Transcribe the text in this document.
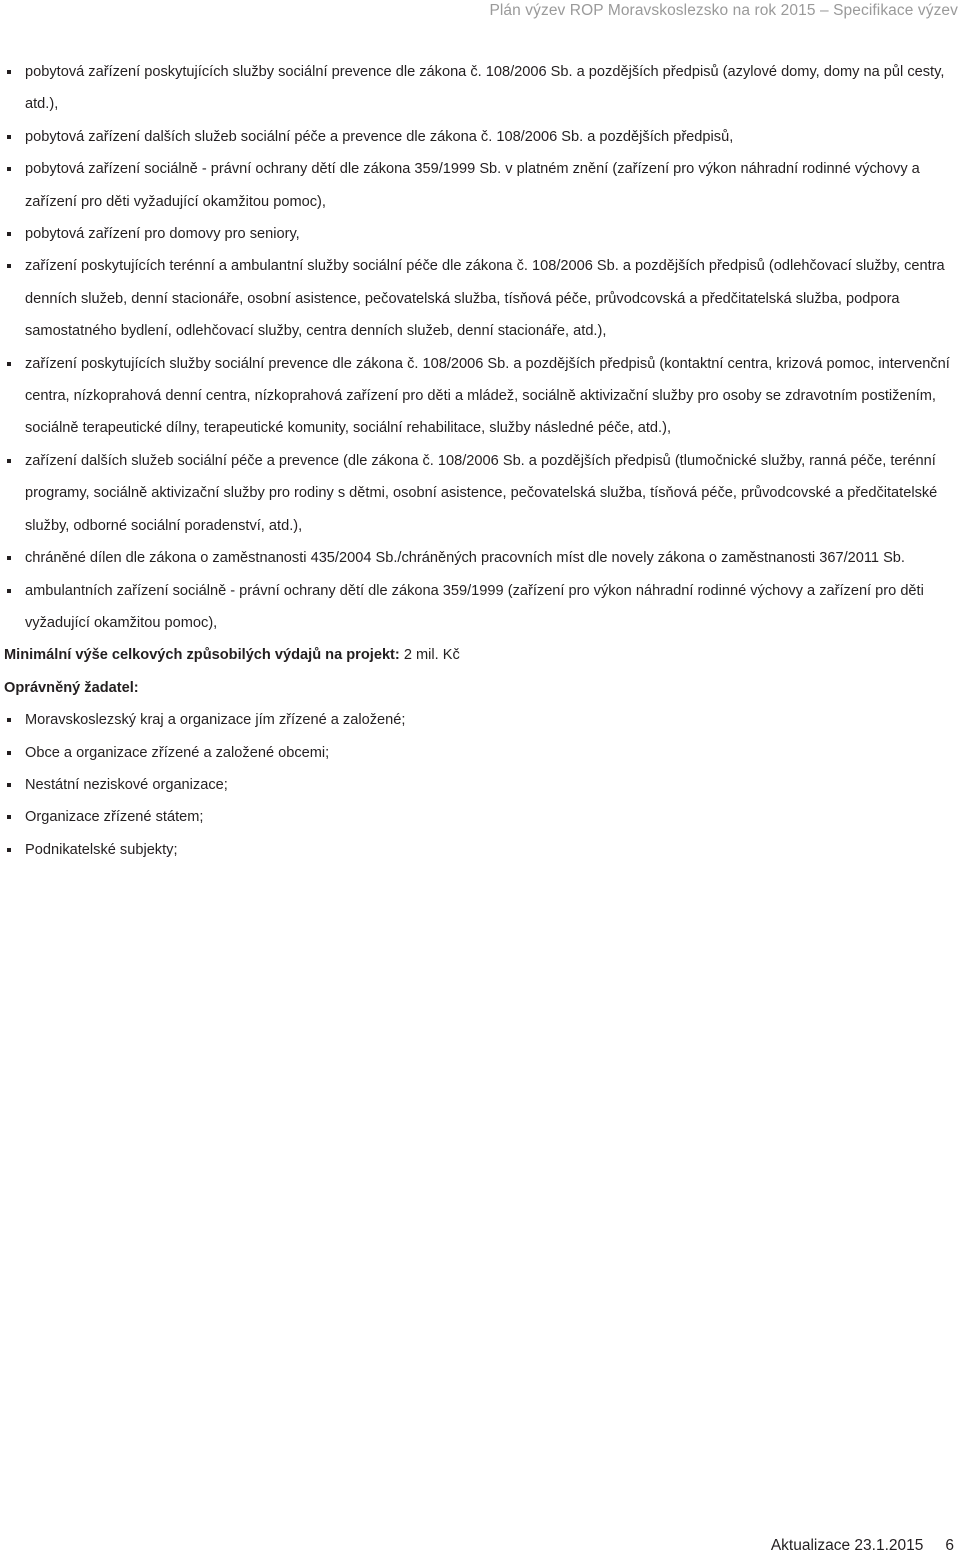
Plán výzev ROP Moravskoslezsko na rok 2015 – Specifikace výzev
pobytová zařízení poskytujících služby sociální prevence dle zákona č. 108/2006 Sb. a pozdějších předpisů (azylové domy, domy na půl cesty, atd.),
pobytová zařízení dalších služeb sociální péče a prevence dle zákona č. 108/2006 Sb. a pozdějších předpisů,
pobytová zařízení sociálně - právní ochrany dětí dle zákona 359/1999 Sb. v platném znění (zařízení pro výkon náhradní rodinné výchovy a zařízení pro děti vyžadující okamžitou pomoc),
pobytová zařízení pro domovy pro seniory,
zařízení poskytujících terénní a ambulantní služby sociální péče dle zákona č. 108/2006 Sb. a pozdějších předpisů (odlehčovací služby, centra denních služeb, denní stacionáře, osobní asistence, pečovatelská služba, tísňová péče, průvodcovská a předčitatelská služba, podpora samostatného bydlení, odlehčovací služby, centra denních služeb, denní stacionáře, atd.),
zařízení poskytujících služby sociální prevence dle zákona č. 108/2006 Sb. a pozdějších předpisů (kontaktní centra, krizová pomoc, intervenční centra, nízkoprahová denní centra, nízkoprahová zařízení pro děti a mládež, sociálně aktivizační služby pro osoby se zdravotním postižením, sociálně terapeutické dílny, terapeutické komunity, sociální rehabilitace, služby následné péče, atd.),
zařízení dalších služeb sociální péče a prevence (dle zákona č. 108/2006 Sb. a pozdějších předpisů (tlumočnické služby, ranná péče, terénní programy, sociálně aktivizační služby pro rodiny s dětmi, osobní asistence, pečovatelská služba, tísňová péče, průvodcovské a předčitatelské služby, odborné sociální poradenství, atd.),
chráněné dílen dle zákona o zaměstnanosti 435/2004 Sb./chráněných pracovních míst dle novely zákona o zaměstnanosti 367/2011 Sb.
ambulantních zařízení sociálně - právní ochrany dětí dle zákona 359/1999 (zařízení pro výkon náhradní rodinné výchovy a zařízení pro děti vyžadující okamžitou pomoc),
Minimální výše celkových způsobilých výdajů na projekt: 2 mil. Kč
Oprávněný žadatel:
Moravskoslezský kraj a organizace jím zřízené a založené;
Obce a organizace zřízené a založené obcemi;
Nestátní neziskové organizace;
Organizace zřízené státem;
Podnikatelské subjekty;
Aktualizace 23.1.2015 6
